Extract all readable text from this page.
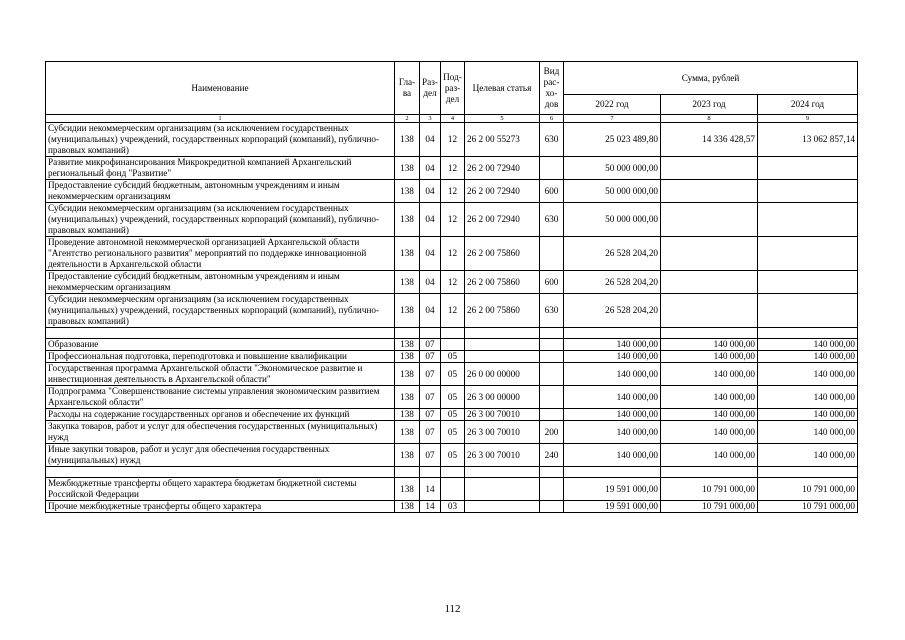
Наименование	Гла-ва	Раз-дел	Под-раз-дел	Целевая статья	Вид рас-хо-дов	Сумма, рублей		
						2022 год	2023 год	2024 год
1	2	3	4	5	6	7	8	9
Субсидии некоммерческим организациям (за исключением государственных (муниципальных) учреждений, государственных корпораций (компаний), публично-правовых компаний)	138	04	12	26 2 00 55273	630	25 023 489,80	14 336 428,57	13 062 857,14
Развитие микрофинансирования Микрокредитной компанией Архангельский региональный фонд "Развитие"	138	04	12	26 2 00 72940		50 000 000,00		
Предоставление субсидий бюджетным, автономным учреждениям и иным некоммерческим организациям	138	04	12	26 2 00 72940	600	50 000 000,00		
Субсидии некоммерческим организациям (за исключением государственных (муниципальных) учреждений, государственных корпораций (компаний), публично-правовых компаний)	138	04	12	26 2 00 72940	630	50 000 000,00		
Проведение автономной некоммерческой организацией Архангельской области "Агентство регионального развития" мероприятий по поддержке инновационной деятельности в Архангельской области	138	04	12	26 2 00 75860		26 528 204,20		
Предоставление субсидий бюджетным, автономным учреждениям и иным некоммерческим организациям	138	04	12	26 2 00 75860	600	26 528 204,20		
Субсидии некоммерческим организациям (за исключением государственных (муниципальных) учреждений, государственных корпораций (компаний), публично-правовых компаний)	138	04	12	26 2 00 75860	630	26 528 204,20		

Образование	138	07				140 000,00	140 000,00	140 000,00
Профессиональная подготовка, переподготовка и повышение квалификации	138	07	05			140 000,00	140 000,00	140 000,00
Государственная программа Архангельской области "Экономическое развитие и инвестиционная деятельность в Архангельской области"	138	07	05	26 0 00 00000		140 000,00	140 000,00	140 000,00
Подпрограмма "Совершенствование системы управления экономическим развитием Архангельской области"	138	07	05	26 3 00 00000		140 000,00	140 000,00	140 000,00
Расходы на содержание государственных органов и обеспечение их функций	138	07	05	26 3 00 70010		140 000,00	140 000,00	140 000,00
Закупка товаров, работ и услуг для обеспечения государственных (муниципальных) нужд	138	07	05	26 3 00 70010	200	140 000,00	140 000,00	140 000,00
Иные закупки товаров, работ и услуг для обеспечения государственных (муниципальных) нужд	138	07	05	26 3 00 70010	240	140 000,00	140 000,00	140 000,00

Межбюджетные трансферты общего характера бюджетам бюджетной системы Российской Федерации	138	14				19 591 000,00	10 791 000,00	10 791 000,00
Прочие межбюджетные трансферты общего характера	138	14	03			19 591 000,00	10 791 000,00	10 791 000,00
112
